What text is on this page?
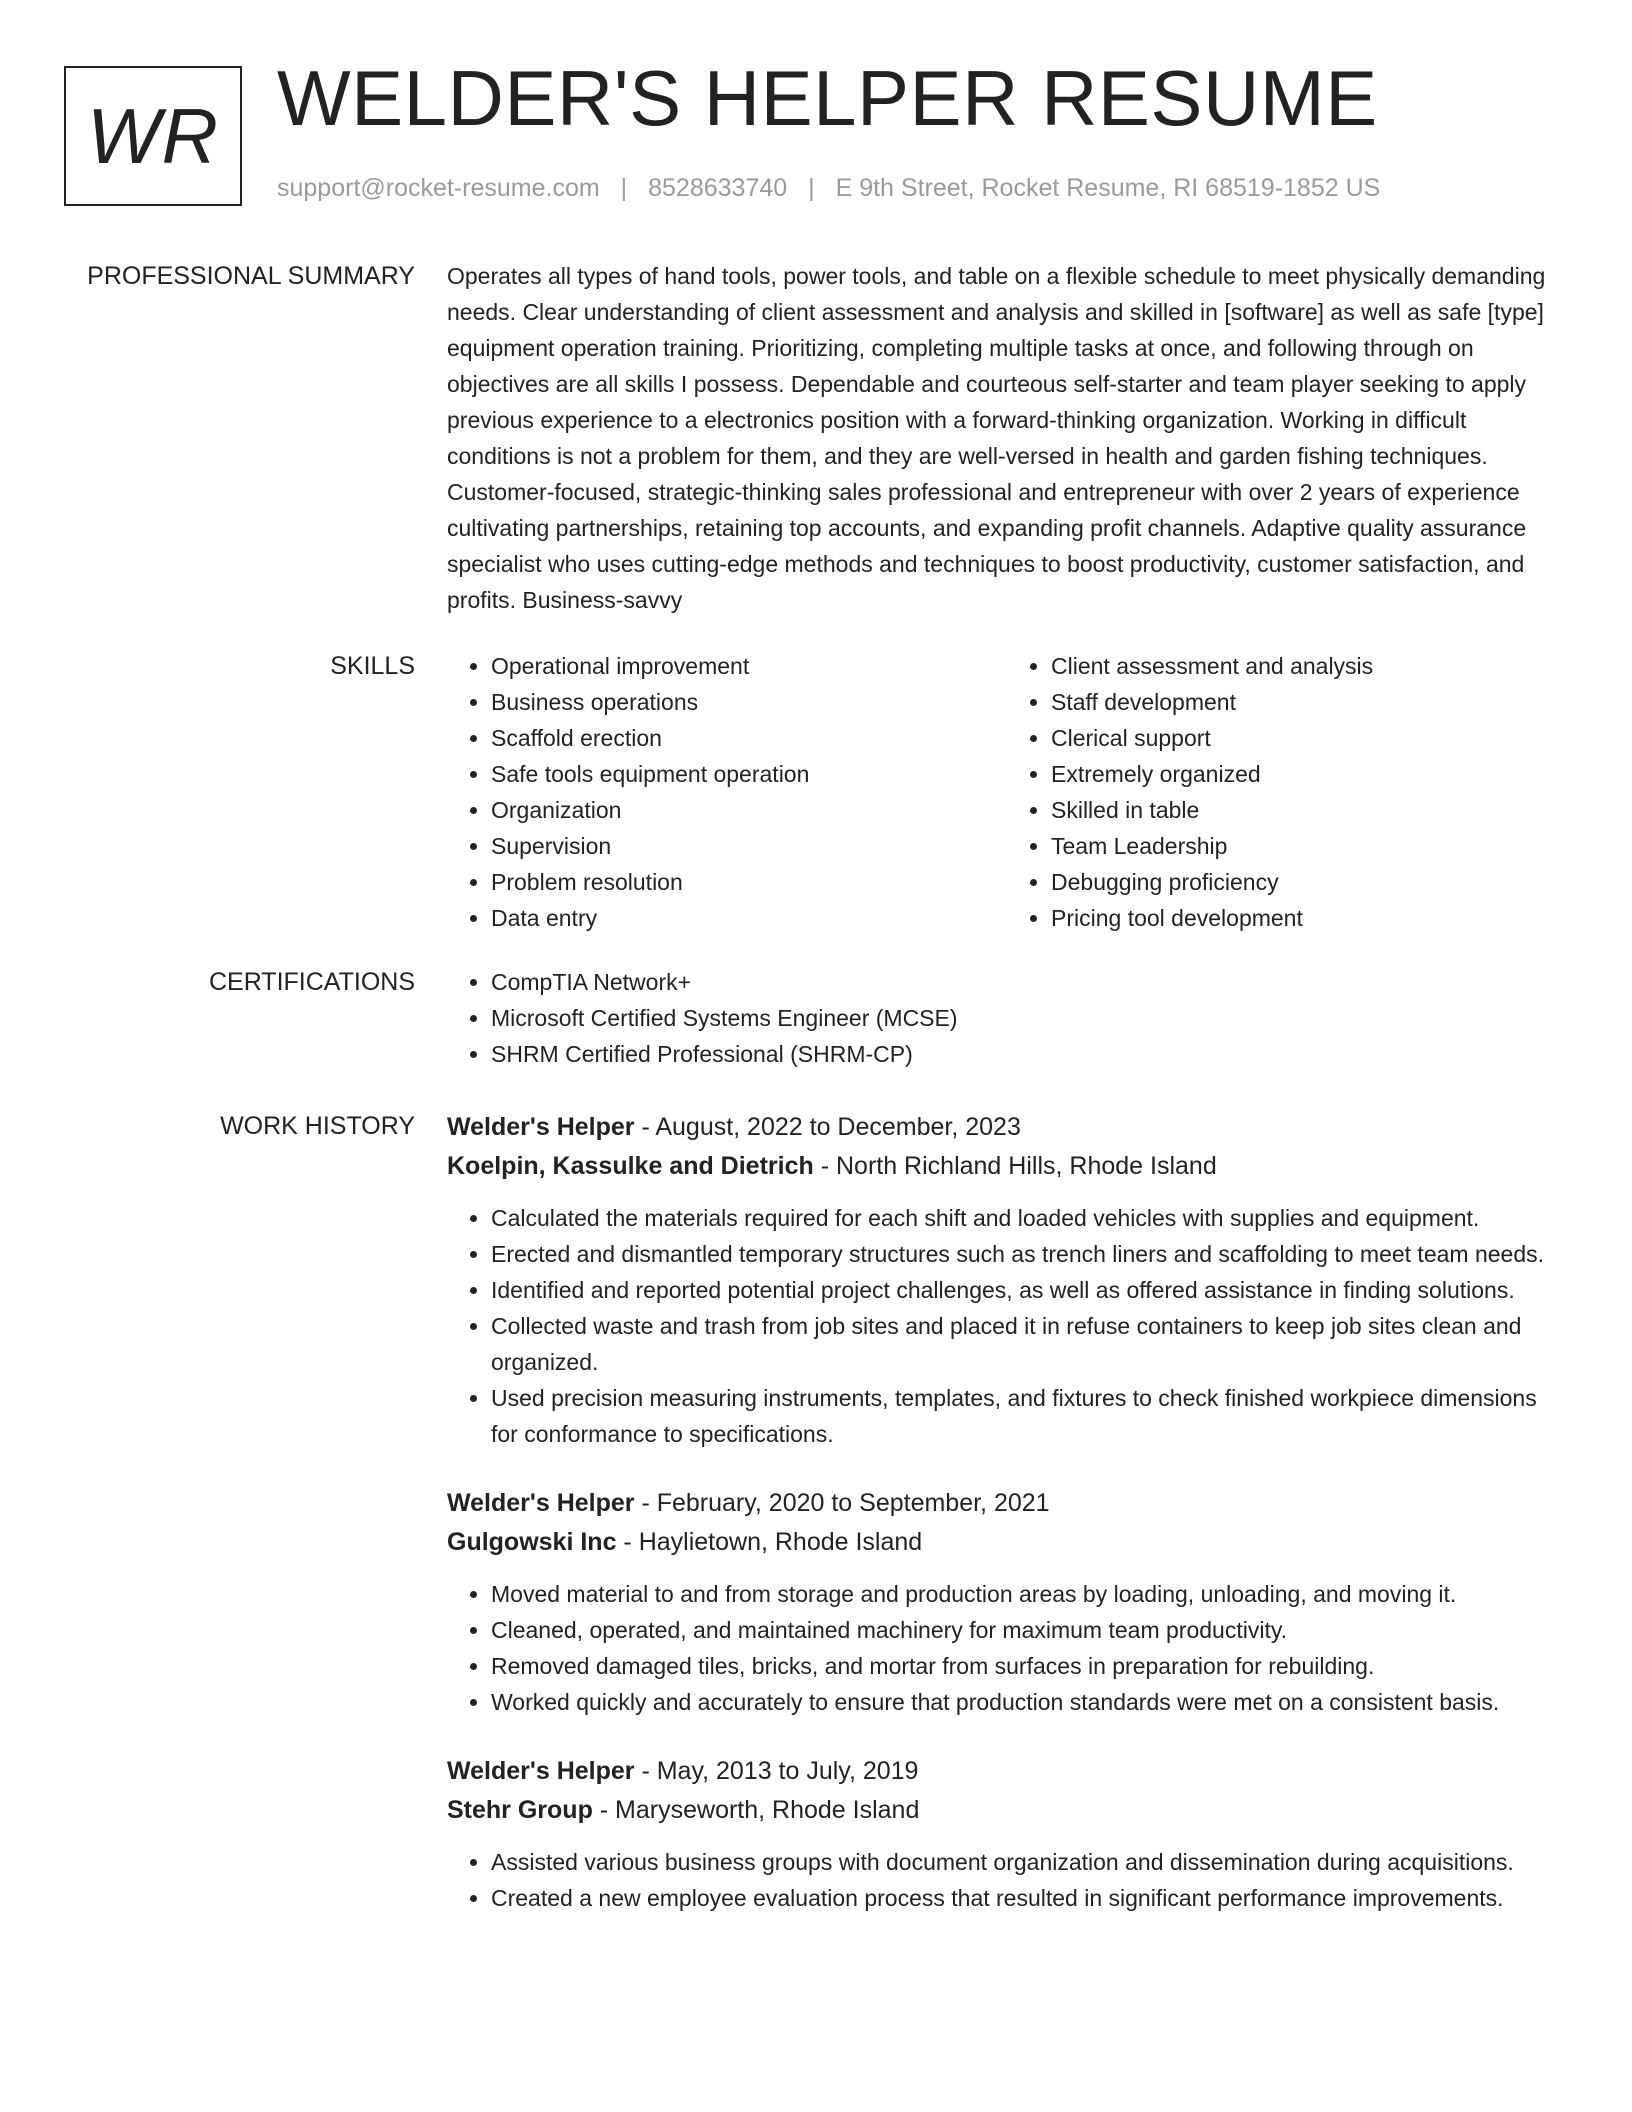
WR WELDER'S HELPER RESUME
support@rocket-resume.com | 8528633740 | E 9th Street, Rocket Resume, RI 68519-1852 US
PROFESSIONAL SUMMARY Operates all types of hand tools, power tools, and table on a flexible schedule to meet physically demanding needs. Clear understanding of client assessment and analysis and skilled in [software] as well as safe [type] equipment operation training. Prioritizing, completing multiple tasks at once, and following through on objectives are all skills I possess. Dependable and courteous self-starter and team player seeking to apply previous experience to a electronics position with a forward-thinking organization. Working in difficult conditions is not a problem for them, and they are well-versed in health and garden fishing techniques. Customer-focused, strategic-thinking sales professional and entrepreneur with over 2 years of experience cultivating partnerships, retaining top accounts, and expanding profit channels. Adaptive quality assurance specialist who uses cutting-edge methods and techniques to boost productivity, customer satisfaction, and profits. Business-savvy

SKILLS	• Operational improvement
• Business operations
• Scaffold erection
• Safe tools equipment operation
• Organization
• Supervision
• Problem resolution
• Data entry
• Client assessment and analysis
• Staff development
• Clerical support
• Extremely organized
• Skilled in table
• Team Leadership
• Debugging proficiency
• Pricing tool development
CERTIFICATIONS	• CompTIA Network+
• Microsoft Certified Systems Engineer (MCSE)
• SHRM Certified Professional (SHRM-CP)
WORK HISTORY Welder's Helper - August, 2022 to December, 2023
Koelpin, Kassulke and Dietrich - North Richland Hills, Rhode Island
• Calculated the materials required for each shift and loaded vehicles with supplies and equipment.
• Erected and dismantled temporary structures such as trench liners and scaffolding to meet team needs.
• Identified and reported potential project challenges, as well as offered assistance in finding solutions.
• Collected waste and trash from job sites and placed it in refuse containers to keep job sites clean and organized.
• Used precision measuring instruments, templates, and fixtures to check finished workpiece dimensions for conformance to specifications.
Welder's Helper - February, 2020 to September, 2021
Gulgowski Inc - Haylietown, Rhode Island
• Moved material to and from storage and production areas by loading, unloading, and moving it.
• Cleaned, operated, and maintained machinery for maximum team productivity.
• Removed damaged tiles, bricks, and mortar from surfaces in preparation for rebuilding.
• Worked quickly and accurately to ensure that production standards were met on a consistent basis.
Welder's Helper - May, 2013 to July, 2019
Stehr Group - Maryseworth, Rhode Island
• Assisted various business groups with document organization and dissemination during acquisitions.
• Created a new employee evaluation process that resulted in significant performance improvements.
